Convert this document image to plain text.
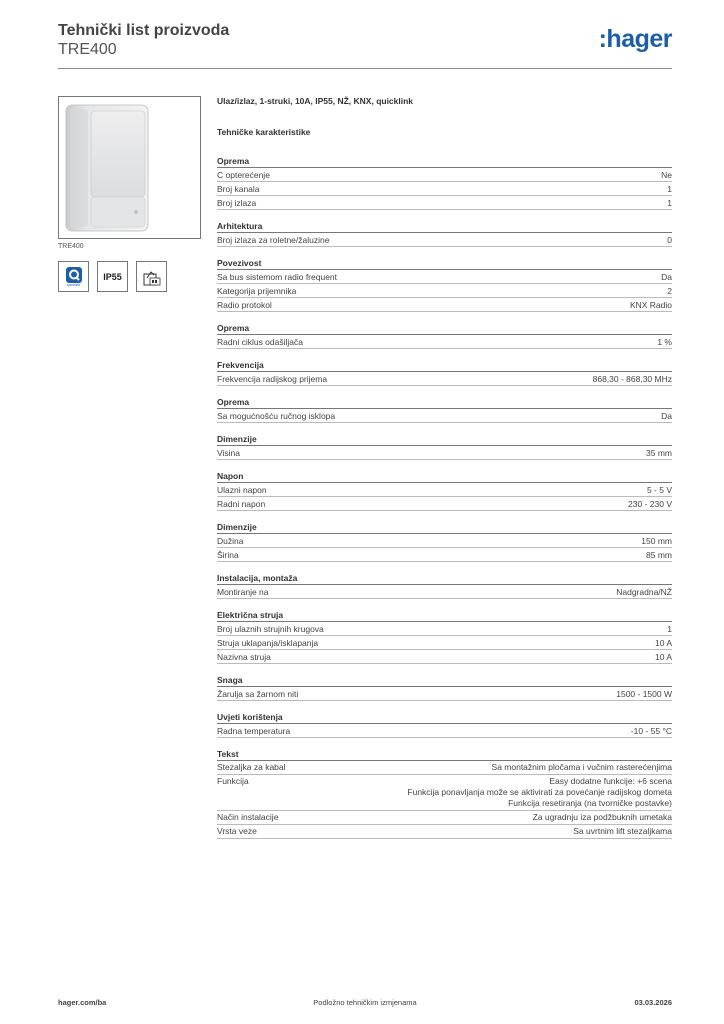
Tehnički list proizvoda
TRE400	:hager
TRE400
quicklink
IP55
Ulaz/izlaz, 1-struki, 10A, IP55, NŽ, KNX, quicklink
Tehničke karakteristike
Oprema
C opterećenje	Ne
Broj kanala	1
Broj izlaza	1
Arhitektura
Broj izlaza za roletne/žaluzine	0
Povezivost
Sa bus sistemom radio frequent	Da
Kategorija prijemnika	2
Radio protokol	KNX Radio
Oprema
Radni ciklus odašiljača	1 %
Frekvencija
Frekvencija radijskog prijema	868,30 - 868,30 MHz
Oprema
Sa mogućnošću ručnog isklopa	Da
Dimenzije
Visina	35 mm
Napon
Ulazni napon	5 - 5 V
Radni napon	230 - 230 V
Dimenzije
Dužina	150 mm
Širina	85 mm
Instalacija, montaža
Montiranje na	Nadgradna/NŽ
Električna struja
Broj ulaznih strujnih krugova	1
Struja uklapanja/isklapanja	10 A
Nazivna struja	10 A
Snaga
Žarulja sa žarnom niti	1500 - 1500 W
Uvjeti korištenja
Radna temperatura	-10 - 55 °C
Tekst
Stezaljka za kabal	Sa montažnim pločama i vučnim rasterećenjima
Funkcija	Easy dodatne funkcije: +6 scena
Funkcija ponavljanja može se aktivirati za povećanje radijskog dometa
Funkcija resetiranja (na tvorničke postavke)
Način instalacije	Za ugradnju iza podžbuknih umetaka
Vrsta veze	Sa uvrtnim lift stezaljkama
hager.com/ba	Podložno tehničkim izmjenama	03.03.2026
